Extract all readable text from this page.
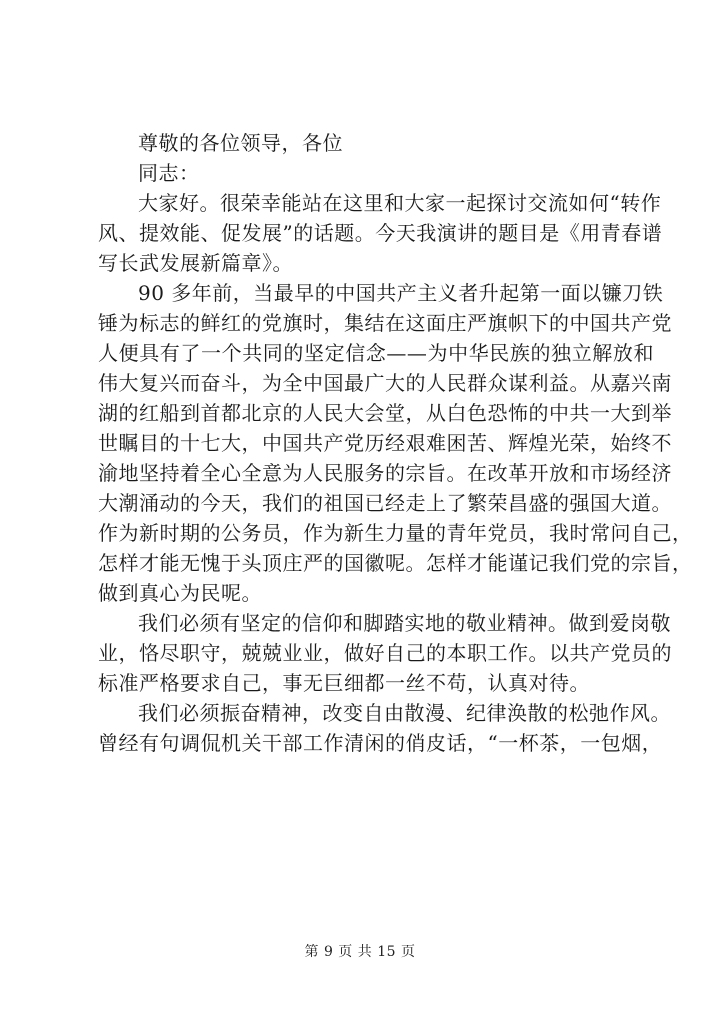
尊敬的各位领导，各位
同志：
大家好。很荣幸能站在这里和大家一起探讨交流如何“转作
风、提效能、促发展”的话题。今天我演讲的题目是《用青春谱
写长武发展新篇章》。
90 多年前，当最早的中国共产主义者升起第一面以镰刀铁
锤为标志的鲜红的党旗时，集结在这面庄严旗帜下的中国共产党
人便具有了一个共同的坚定信念——为中华民族的独立解放和
伟大复兴而奋斗，为全中国最广大的人民群众谋利益。从嘉兴南
湖的红船到首都北京的人民大会堂，从白色恐怖的中共一大到举
世瞩目的十七大，中国共产党历经艰难困苦、辉煌光荣，始终不
渝地坚持着全心全意为人民服务的宗旨。在改革开放和市场经济
大潮涌动的今天，我们的祖国已经走上了繁荣昌盛的强国大道。
作为新时期的公务员，作为新生力量的青年党员，我时常问自己，
怎样才能无愧于头顶庄严的国徽呢。怎样才能谨记我们党的宗旨，
做到真心为民呢。
我们必须有坚定的信仰和脚踏实地的敬业精神。做到爱岗敬
业，恪尽职守，兢兢业业，做好自己的本职工作。以共产党员的
标准严格要求自己，事无巨细都一丝不苟，认真对待。
我们必须振奋精神，改变自由散漫、纪律涣散的松弛作风。
曾经有句调侃机关干部工作清闲的俏皮话，“一杯茶，一包烟，
第 9 页 共 15 页
